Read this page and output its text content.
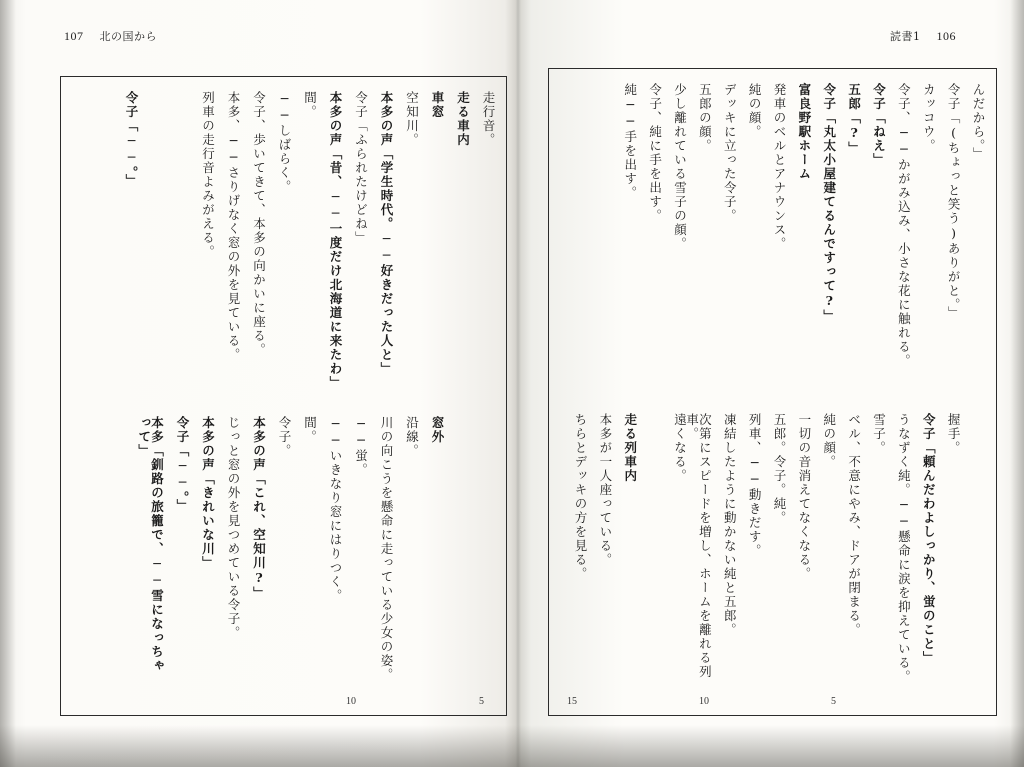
107 北の国から	読書1 106
走行音。
走る車内
車窓
窓外
空知川。
沿線。
本多の声「学生時代。──好きだった人と」
川の向こうを懸命に走っている少女の姿。
令子「ふられたけどね」
──蛍。
本多の声「昔、──一度だけ北海道に来たわ」
──いきなり窓にはりつく。
間。
間。
──しばらく。
令子。
令子、歩いてきて、本多の向かいに座る。
本多の声「これ、空知川?」
本多、──さりげなく窓の外を見ている。
じっと窓の外を見つめている令子。
列車の走行音よみがえる。
本多の声「きれいな川」
令子「──。」
本多「釧路の旅籠で、──雪になっちゃって」
令子「──。」
10	5
んだから。」
令子「(ちょっと笑う)ありがと。」
握手。
カッコウ。
令子「頼んだわよしっかり、蛍のこと」
令子、──かがみ込み、小さな花に触れる。
うなずく純。──懸命に涙を抑えている。
令子「ねえ」
雪子。
五郎「?」
ベル、不意にやみ、ドアが閉まる。
令子「丸太小屋建てるんですって?」
純の顔。
富良野駅ホーム
一切の音消えてなくなる。
発車のベルとアナウンス。
五郎。令子。純。
純の顔。
列車、──動きだす。
デッキに立った令子。
凍結したように動かない純と五郎。
五郎の顔。
次第にスピードを増し、ホームを離れる列車。
少し離れている雪子の顔。
遠くなる。
令子、純に手を出す。
純──手を出す。
走る列車内
本多が一人座っている。
ちらとデッキの方を見る。
15	10	5
